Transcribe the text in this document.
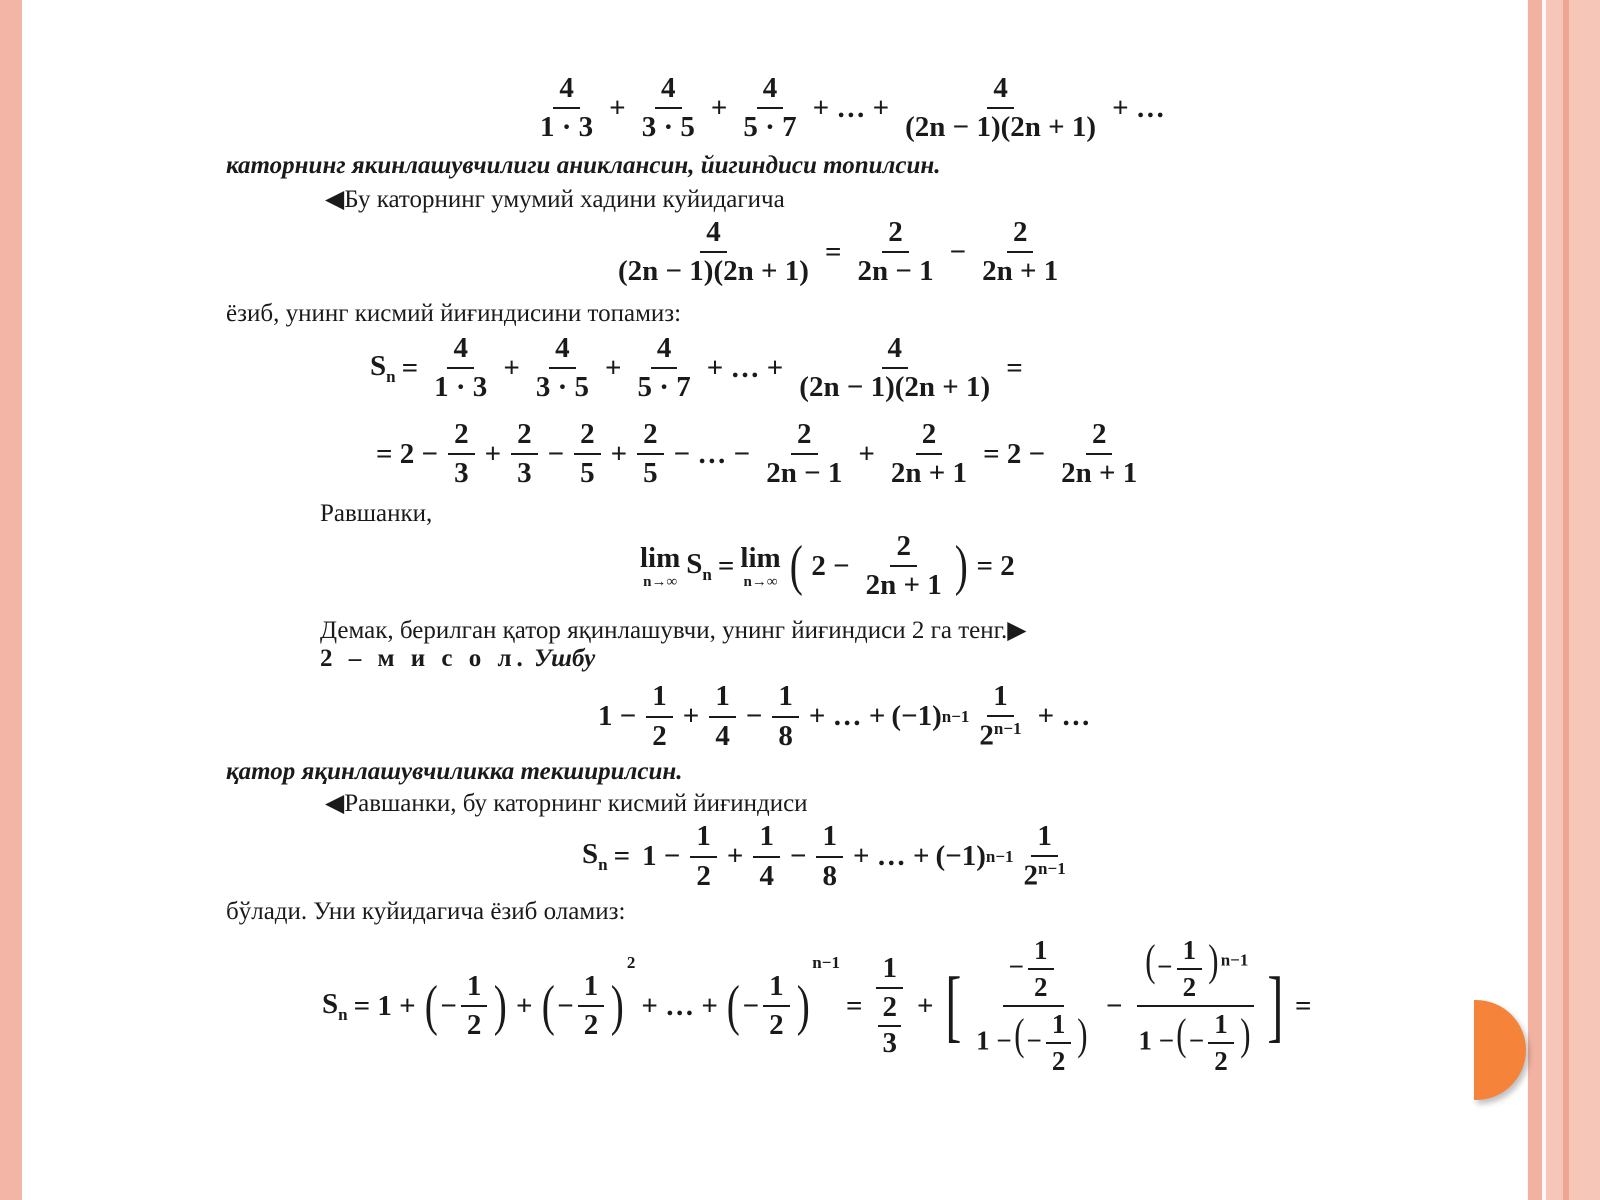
$\frac{4}{1 \cdot 3} + \frac{4}{3 \cdot 5} + \frac{4}{5 \cdot 7}$ + … + $\frac{4}{(2n - 1)(2n + 1)}$ + …
каторнинг якинлашувчилиги аникланcин, йигиндиси топилсин.
◀Бу каторнинг умумий хадини куйидагича
$\frac{4}{(2n - 1)(2n + 1)} = \frac{2}{2n - 1} - \frac{2}{2n + 1}$
ёзиб, унинг кисмий йиғиндисини топамиз:
$S_n = \frac{4}{1 \cdot 3} + \frac{4}{3 \cdot 5} + \frac{4}{5 \cdot 7}$ + … + $\frac{4}{(2n - 1)(2n + 1)}$ =
= $2 - \frac{2}{3} + \frac{2}{3} - \frac{2}{5} + \frac{2}{5}$ − … − $\frac{2}{2n - 1} + \frac{2}{2n + 1} = 2 - \frac{2}{2n + 1}$
Равшанки,
lim
n→∞
$S_n = \lim$
n→∞ ( $2 - \frac{2}{2n + 1}$ ) = 2
Демак, берилган қатор яқинлашувчи, унинг йиғиндиси 2 га тенг.▶
2 – м и с о л. Ушбу
$1 - \frac{1}{2} + \frac{1}{4} - \frac{1}{8}$ + … + (−1) $n-1 \frac{1}{2^{n-1}}$ + …
қатор яқинлашувчиликка текширилсин.
◀Равшанки, бу каторнинг кисмий йиғиндиси
$S_n = 1 - \frac{1}{2} + \frac{1}{4} - \frac{1}{8}$ + … + (−1) $n-1 \frac{1}{2^{n-1}}$
бўлади. Уни куйидагича ёзиб оламиз:
$S_n = 1$ + ( − $\frac{1}{2}$ ) + ( − $\frac{1}{2}$ )
2
+ … + ( − $\frac{1}{2}$ )
n−1
= 1
2
3 + [ $\frac{- \frac{1}{2}}{1 -(- \frac{1}{2} )} - \frac{(- \frac{1}{2} ) ^{n-1}}{1 -(- \frac{1}{2} )}$ ] =
